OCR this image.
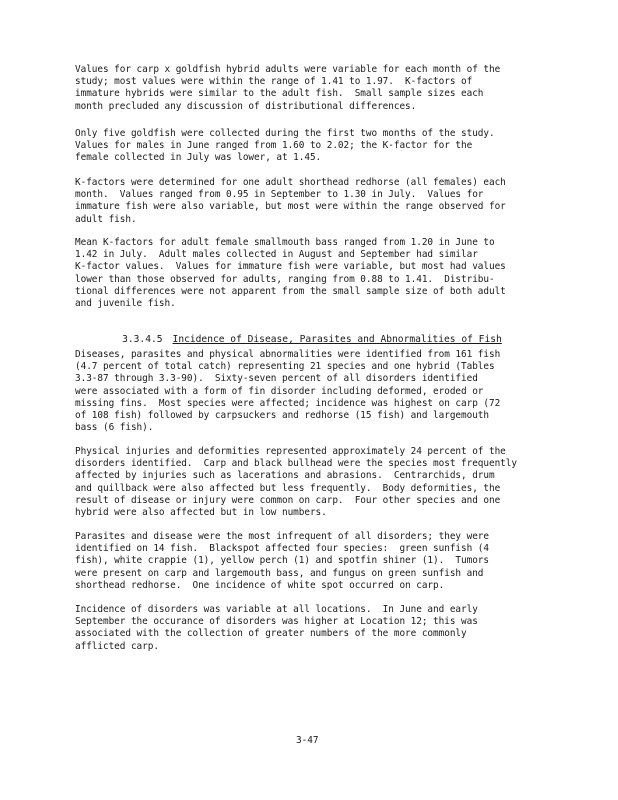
Values for carp x goldfish hybrid adults were variable for each month of the
study; most values were within the range of 1.41 to 1.97.  K-factors of
immature hybrids were similar to the adult fish.  Small sample sizes each
month precluded any discussion of distributional differences.

Only five goldfish were collected during the first two months of the study.
Values for males in June ranged from 1.60 to 2.02; the K-factor for the
female collected in July was lower, at 1.45.

K-factors were determined for one adult shorthead redhorse (all females) each
month.  Values ranged from 0.95 in September to 1.30 in July.  Values for
immature fish were also variable, but most were within the range observed for
adult fish.

Mean K-factors for adult female smallmouth bass ranged from 1.20 in June to
1.42 in July.  Adult males collected in August and September had similar
K-factor values.  Values for immature fish were variable, but most had values
lower than those observed for adults, ranging from 0.88 to 1.41.  Distribu-
tional differences were not apparent from the small sample size of both adult
and juvenile fish.

3.3.4.5 Incidence of Disease, Parasites and Abnormalities of Fish

Diseases, parasites and physical abnormalities were identified from 161 fish
(4.7 percent of total catch) representing 21 species and one hybrid (Tables
3.3-87 through 3.3-90).  Sixty-seven percent of all disorders identified
were associated with a form of fin disorder including deformed, eroded or
missing fins.  Most species were affected; incidence was highest on carp (72
of 108 fish) followed by carpsuckers and redhorse (15 fish) and largemouth
bass (6 fish).

Physical injuries and deformities represented approximately 24 percent of the
disorders identified.  Carp and black bullhead were the species most frequently
affected by injuries such as lacerations and abrasions.  Centrarchids, drum
and quillback were also affected but less frequently.  Body deformities, the
result of disease or injury were common on carp.  Four other species and one
hybrid were also affected but in low numbers.

Parasites and disease were the most infrequent of all disorders; they were
identified on 14 fish.  Blackspot affected four species:  green sunfish (4
fish), white crappie (1), yellow perch (1) and spotfin shiner (1).  Tumors
were present on carp and largemouth bass, and fungus on green sunfish and
shorthead redhorse.  One incidence of white spot occurred on carp.

Incidence of disorders was variable at all locations.  In June and early
September the occurance of disorders was higher at Location 12; this was
associated with the collection of greater numbers of the more commonly
afflicted carp.

3-47
